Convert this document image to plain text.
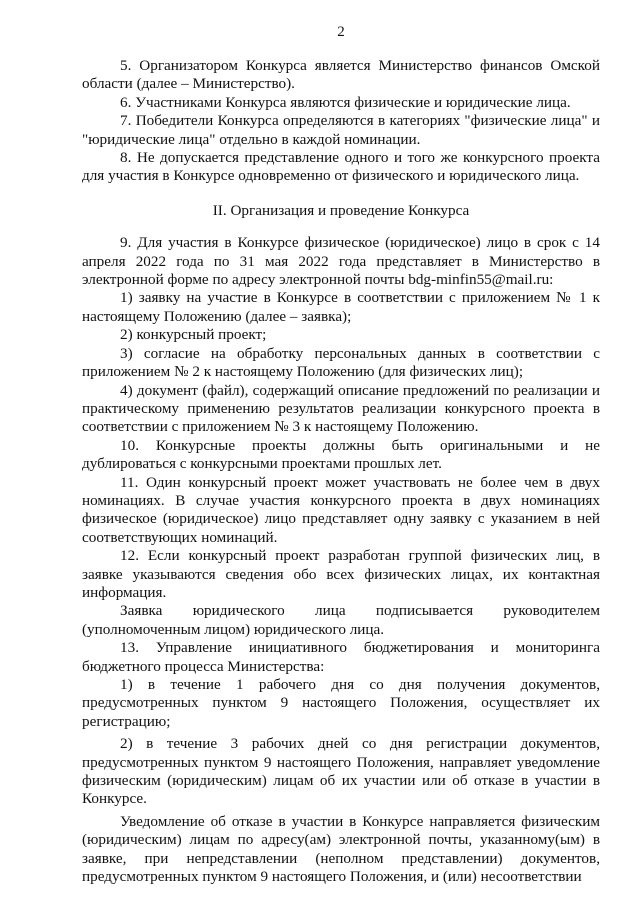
2

5. Организатором Конкурса является Министерство финансов Омской области (далее – Министерство).

6. Участниками Конкурса являются физические и юридические лица.

7. Победители Конкурса определяются в категориях "физические лица" и "юридические лица" отдельно в каждой номинации.

8. Не допускается представление одного и того же конкурсного проекта для участия в Конкурсе одновременно от физического и юридического лица.

II. Организация и проведение Конкурса

9. Для участия в Конкурсе физическое (юридическое) лицо в срок с 14 апреля 2022 года по 31 мая 2022 года представляет в Министерство в электронной форме по адресу электронной почты bdg-minfin55@mail.ru:

1) заявку на участие в Конкурсе в соответствии с приложением № 1 к настоящему Положению (далее – заявка);

2) конкурсный проект;

3) согласие на обработку персональных данных в соответствии с приложением № 2 к настоящему Положению (для физических лиц);

4) документ (файл), содержащий описание предложений по реализации и практическому применению результатов реализации конкурсного проекта в соответствии с приложением № 3 к настоящему Положению.

10. Конкурсные проекты должны быть оригинальными и не дублироваться с конкурсными проектами прошлых лет.

11. Один конкурсный проект может участвовать не более чем в двух номинациях. В случае участия конкурсного проекта в двух номинациях физическое (юридическое) лицо представляет одну заявку с указанием в ней соответствующих номинаций.

12. Если конкурсный проект разработан группой физических лиц, в заявке указываются сведения обо всех физических лицах, их контактная информация.

Заявка юридического лица подписывается руководителем (уполномоченным лицом) юридического лица.

13. Управление инициативного бюджетирования и мониторинга бюджетного процесса Министерства:

1) в течение 1 рабочего дня со дня получения документов, предусмотренных пунктом 9 настоящего Положения, осуществляет их регистрацию;

2) в течение 3 рабочих дней со дня регистрации документов, предусмотренных пунктом 9 настоящего Положения, направляет уведомление физическим (юридическим) лицам об их участии или об отказе в участии в Конкурсе.

Уведомление об отказе в участии в Конкурсе направляется физическим (юридическим) лицам по адресу(ам) электронной почты, указанному(ым) в заявке, при непредставлении (неполном представлении) документов, предусмотренных пунктом 9 настоящего Положения, и (или) несоответствии
